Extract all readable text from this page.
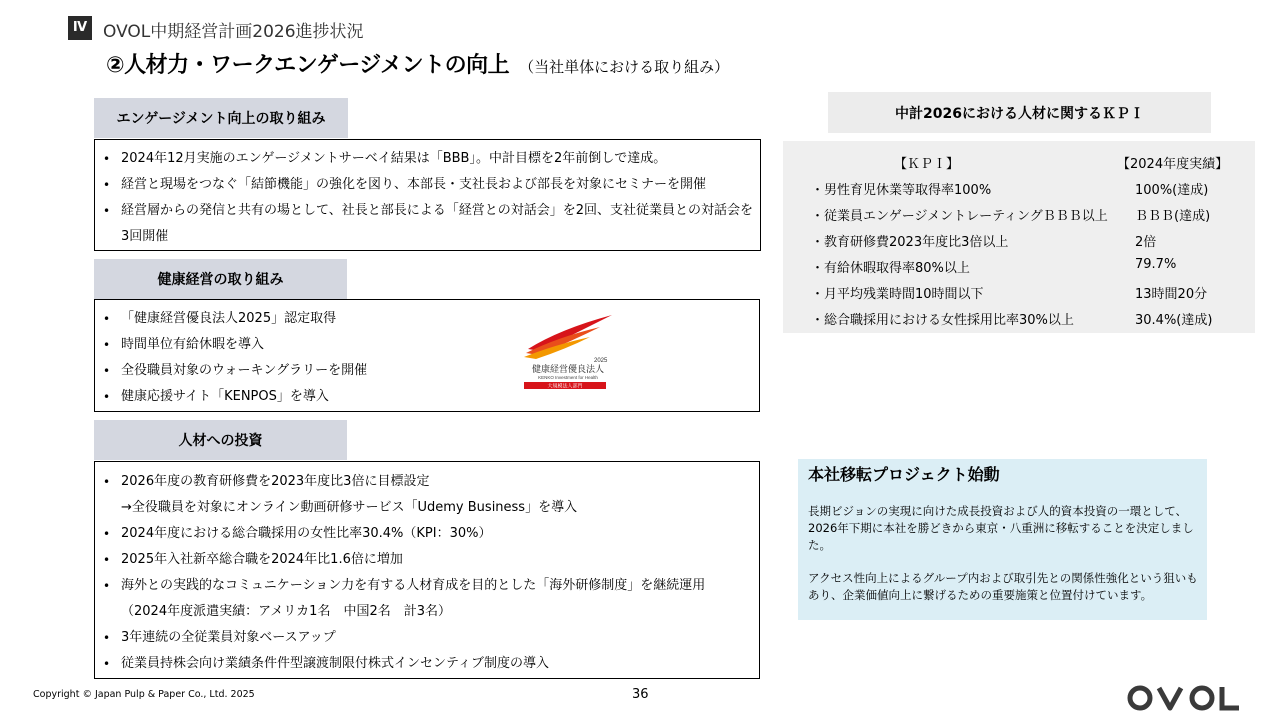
Ⅳ OVOL中期経営計画2026進捗状況
②人材力・ワークエンゲージメントの向上 （当社単体における取り組み）
エンゲージメント向上の取り組み
• 2024年12月実施のエンゲージメントサーベイ結果は「BBB」。中計目標を2年前倒しで達成。
• 経営と現場をつなぐ「結節機能」の強化を図り、本部長・支社長および部長を対象にセミナーを開催
• 経営層からの発信と共有の場として、社長と部長による「経営との対話会」を2回、支社従業員との対話会を
3回開催
健康経営の取り組み
• 「健康経営優良法人2025」認定取得
• 時間単位有給休暇を導入
• 全役職員対象のウォーキングラリーを開催
• 健康応援サイト「KENPOS」を導入
2025
健康経営優良法人
KENKO Investment for Health
大規模法人部門
人材への投資
• 2026年度の教育研修費を2023年度比3倍に目標設定
→全役職員を対象にオンライン動画研修サービス「Udemy Business」を導入
• 2024年度における総合職採用の女性比率30.4%（KPI：30%）
• 2025年入社新卒総合職を2024年比1.6倍に増加
• 海外との実践的なコミュニケーション力を有する人材育成を目的とした「海外研修制度」を継続運用
（2024年度派遣実績：アメリカ1名　中国2名　計3名）
• 3年連続の全従業員対象ベースアップ
• 従業員持株会向け業績条件件型譲渡制限付株式インセンティブ制度の導入
中計2026における人材に関するＫＰＩ
【ＫＰＩ】	【2024年度実績】
・男性育児休業等取得率100%	100%(達成)
・従業員エンゲージメントレーティングＢＢＢ以上 ＢＢＢ(達成)
・教育研修費2023年度比3倍以上	2倍
・有給休暇取得率80%以上	79.7%
・月平均残業時間10時間以下	13時間20分
・総合職採用における女性採用比率30%以上	30.4%(達成)
本社移転プロジェクト始動
長期ビジョンの実現に向けた成長投資および人的資本投資の一環として、2026年下期に本社を勝どきから東京・八重洲に移転することを決定しました。
アクセス性向上によるグループ内および取引先との関係性強化という狙いもあり、企業価値向上に繋げるための重要施策と位置付けています。
Copyright © Japan Pulp & Paper Co., Ltd. 2025	36
OVOL
